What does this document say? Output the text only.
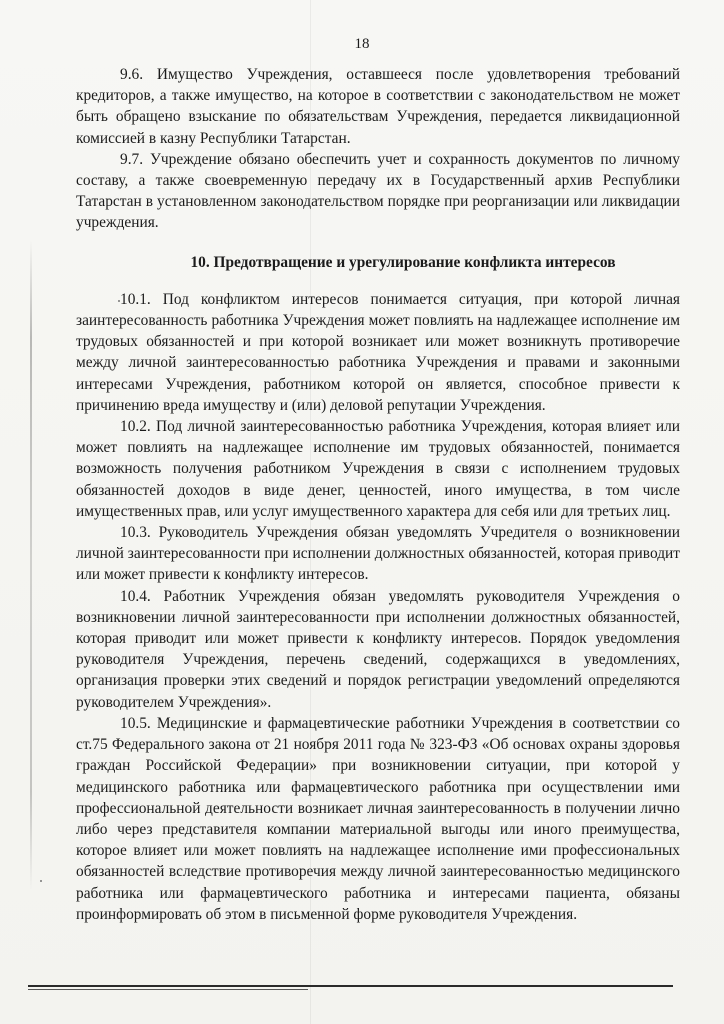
18

9.6. Имущество Учреждения, оставшееся после удовлетворения требований кредиторов, а также имущество, на которое в соответствии с законодательством не может быть обращено взыскание по обязательствам Учреждения, передается ликвидационной комиссией в казну Республики Татарстан.

9.7. Учреждение обязано обеспечить учет и сохранность документов по личному составу, а также своевременную передачу их в Государственный архив Республики Татарстан в установленном законодательством порядке при реорганизации или ликвидации учреждения.

10. Предотвращение и урегулирование конфликта интересов

10.1. Под конфликтом интересов понимается ситуация, при которой личная заинтересованность работника Учреждения может повлиять на надлежащее исполнение им трудовых обязанностей и при которой возникает или может возникнуть противоречие между личной заинтересованностью работника Учреждения и правами и законными интересами Учреждения, работником которой он является, способное привести к причинению вреда имуществу и (или) деловой репутации Учреждения.

10.2. Под личной заинтересованностью работника Учреждения, которая влияет или может повлиять на надлежащее исполнение им трудовых обязанностей, понимается возможность получения работником Учреждения в связи с исполнением трудовых обязанностей доходов в виде денег, ценностей, иного имущества, в том числе имущественных прав, или услуг имущественного характера для себя или для третьих лиц.

10.3. Руководитель Учреждения обязан уведомлять Учредителя о возникновении личной заинтересованности при исполнении должностных обязанностей, которая приводит или может привести к конфликту интересов.

10.4. Работник Учреждения обязан уведомлять руководителя Учреждения о возникновении личной заинтересованности при исполнении должностных обязанностей, которая приводит или может привести к конфликту интересов. Порядок уведомления руководителя Учреждения, перечень сведений, содержащихся в уведомлениях, организация проверки этих сведений и порядок регистрации уведомлений определяются руководителем Учреждения».

10.5. Медицинские и фармацевтические работники Учреждения в соответствии со ст.75 Федерального закона от 21 ноября 2011 года № 323-ФЗ «Об основах охраны здоровья граждан Российской Федерации» при возникновении ситуации, при которой у медицинского работника или фармацевтического работника при осуществлении ими профессиональной деятельности возникает личная заинтересованность в получении лично либо через представителя компании материальной выгоды или иного преимущества, которое влияет или может повлиять на надлежащее исполнение ими профессиональных обязанностей вследствие противоречия между личной заинтересованностью медицинского работника или фармацевтического работника и интересами пациента, обязаны проинформировать об этом в письменной форме руководителя Учреждения.
